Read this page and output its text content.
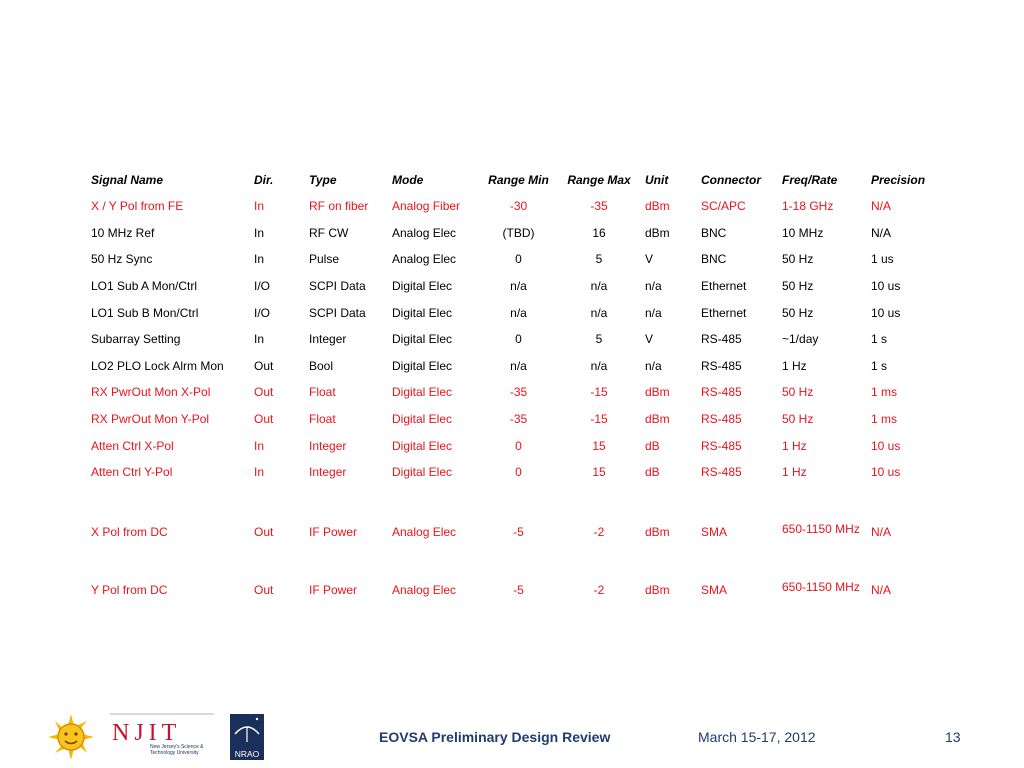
Signal Name	Dir.	Type	Mode	Range Min	Range Max	Unit	Connector	Freq/Rate	Precision
X / Y Pol from FE	In	RF on fiber	Analog Fiber	-30	-35	dBm	SC/APC	1-18 GHz	N/A
10 MHz Ref	In	RF CW	Analog Elec	(TBD)	16	dBm	BNC	10 MHz	N/A
50 Hz Sync	In	Pulse	Analog Elec	0	5	V	BNC	50 Hz	1 us
LO1 Sub A Mon/Ctrl	I/O	SCPI Data	Digital Elec	n/a	n/a	n/a	Ethernet	50 Hz	10 us
LO1 Sub B Mon/Ctrl	I/O	SCPI Data	Digital Elec	n/a	n/a	n/a	Ethernet	50 Hz	10 us
Subarray Setting	In	Integer	Digital Elec	0	5	V	RS-485	~1/day	1 s
LO2 PLO Lock Alrm Mon	Out	Bool	Digital Elec	n/a	n/a	n/a	RS-485	1 Hz	1 s
RX PwrOut Mon X-Pol	Out	Float	Digital Elec	-35	-15	dBm	RS-485	50 Hz	1 ms
RX PwrOut Mon Y-Pol	Out	Float	Digital Elec	-35	-15	dBm	RS-485	50 Hz	1 ms
Atten Ctrl X-Pol	In	Integer	Digital Elec	0	15	dB	RS-485	1 Hz	10 us
Atten Ctrl Y-Pol	In	Integer	Digital Elec	0	15	dB	RS-485	1 Hz	10 us
X Pol from DC	Out	IF Power	Analog Elec	-5	-2	dBm	SMA	650-1150 MHz	N/A
Y Pol from DC	Out	IF Power	Analog Elec	-5	-2	dBm	SMA	650-1150 MHz	N/A
NJIT
New Jersey's Science &
Technology University	NRAO
EOVSA Preliminary Design Review	March 15-17, 2012	13
